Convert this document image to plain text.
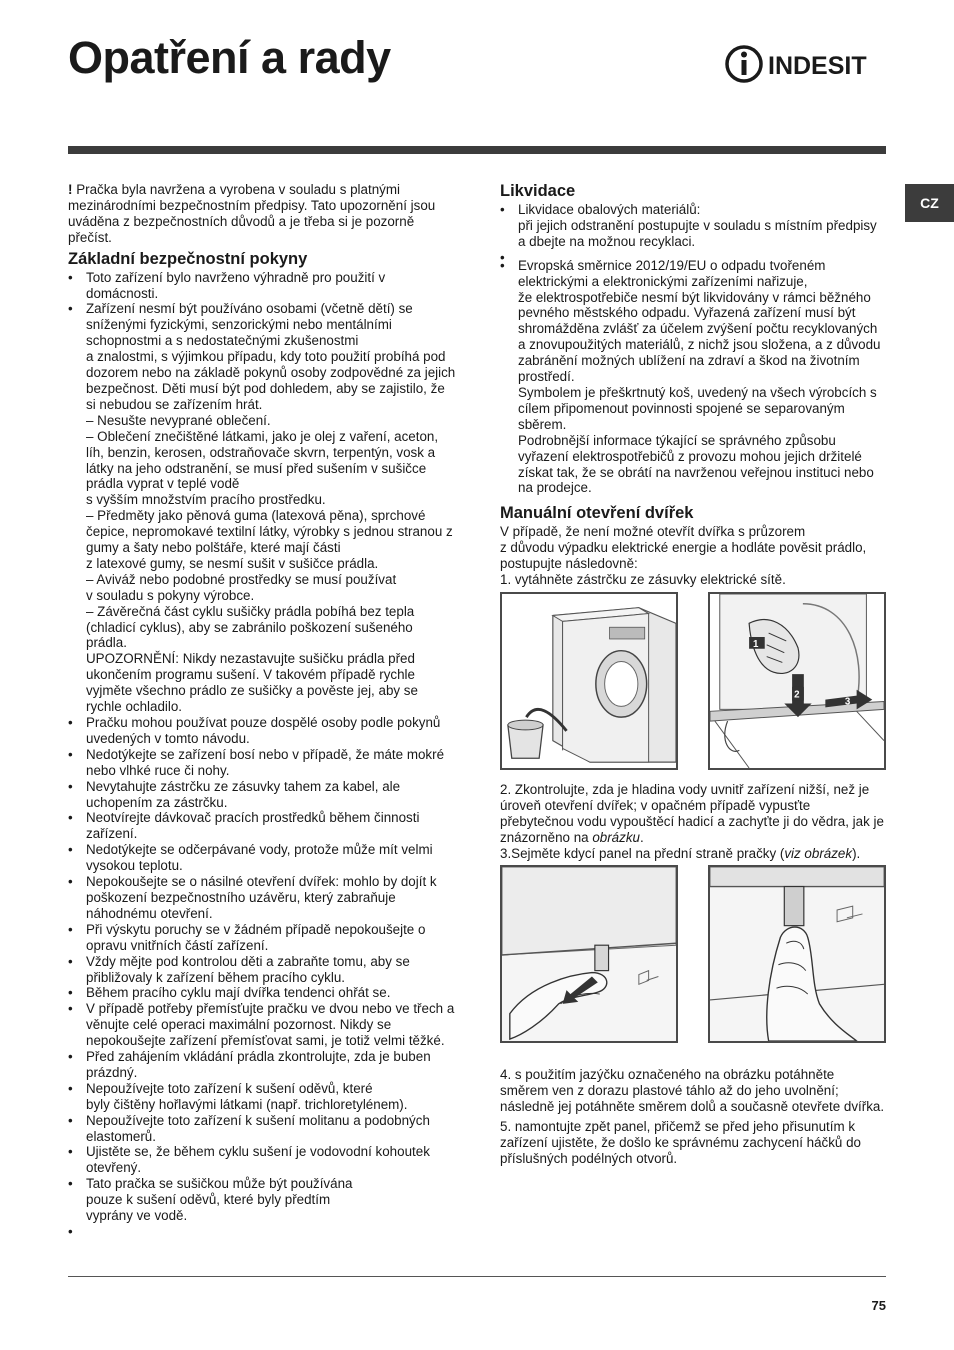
Opatření a rady	INDESIT
CZ

! Pračka byla navržena a vyrobena v souladu s platnými mezinárodními bezpečnostním předpisy. Tato upozornění jsou uváděna z bezpečnostních důvodů a je třeba si je pozorně přečíst.

Základní bezpečnostní pokyny
• Toto zařízení bylo navrženo výhradně pro použití v domácnosti.
• Zařízení nesmí být používáno osobami (včetně dětí) se sníženými fyzickými, senzorickými nebo mentálními schopnostmi a s nedostatečnými zkušenostmi
a znalostmi, s výjimkou případu, kdy toto použití probíhá pod dozorem nebo na základě pokynů osoby zodpovědné za jejich bezpečnost. Děti musí být pod dohledem, aby se zajistilo, že si nebudou se zařízením hrát.
– Nesušte nevyprané oblečení.
– Oblečení znečištěné látkami, jako je olej z vaření, aceton, líh, benzin, kerosen, odstraňovače skvrn, terpentýn, vosk a látky na jeho odstranění, se musí před sušením v sušičce prádla vyprat v teplé vodě
s vyšším množstvím pracího prostředku.
– Předměty jako pěnová guma (latexová pěna), sprchové čepice, nepromokavé textilní látky, výrobky s jednou stranou z gumy a šaty nebo polštáře, které mají části
z latexové gumy, se nesmí sušit v sušičce prádla.
– Aviváž nebo podobné prostředky se musí používat
v souladu s pokyny výrobce.
– Závěrečná část cyklu sušičky prádla pobíhá bez tepla (chladicí cyklus), aby se zabránilo poškození sušeného prádla.
UPOZORNĚNÍ: Nikdy nezastavujte sušičku prádla před ukončením programu sušení. V takovém případě rychle vyjměte všechno prádlo ze sušičky a pověste jej, aby se rychle ochladilo.
• Pračku mohou používat pouze dospělé osoby podle pokynů uvedených v tomto návodu.
• Nedotýkejte se zařízení bosí nebo v případě, že máte mokré nebo vlhké ruce či nohy.
• Nevytahujte zástrčku ze zásuvky tahem za kabel, ale uchopením za zástrčku.
• Neotvírejte dávkovač pracích prostředků během činnosti zařízení.
• Nedotýkejte se odčerpávané vody, protože může mít velmi vysokou teplotu.
• Nepokoušejte se o násilné otevření dvířek: mohlo by dojít k poškození bezpečnostního uzávěru, který zabraňuje náhodnému otevření.
• Při výskytu poruchy se v žádném případě nepokoušejte o opravu vnitřních částí zařízení.
• Vždy mějte pod kontrolou děti a zabraňte tomu, aby se přibližovaly k zařízení během pracího cyklu.
• Během pracího cyklu mají dvířka tendenci ohřát se.
• V případě potřeby přemísťujte pračku ve dvou nebo ve třech a věnujte celé operaci maximální pozornost. Nikdy se nepokoušejte zařízení přemísťovat sami, je totiž velmi těžké.
• Před zahájením vkládání prádla zkontrolujte, zda je buben prázdný.
• Nepoužívejte toto zařízení k sušení oděvů, které
byly čištěny hořlavými látkami (např. trichloretylénem).
• Nepoužívejte toto zařízení k sušení molitanu a podobných elastomerů.
• Ujistěte se, že během cyklu sušení je vodovodní kohoutek otevřený.
• Tato pračka se sušičkou může být používána
pouze k sušení oděvů, které byly předtím
vyprány ve vodě.
Likvidace
• Likvidace obalových materiálů:
při jejich odstranění postupujte v souladu s místním předpisy a dbejte na možnou recyklaci.
•
• Evropská směrnice 2012/19/EU o odpadu tvořeném elektrickými a elektronickými zařízeními nařizuje,
že elektrospotřebiče nesmí být likvidovány v rámci běžného pevného městského odpadu. Vyřazená zařízení musí být shromážděna zvlášť za účelem zvýšení počtu recyklovaných a znovupoužitých materiálů, z nichž jsou složena, a z důvodu zabránění možných ublížení na zdraví a škod na životním prostředí.
Symbolem je přeškrtnutý koš, uvedený na všech výrobcích s cílem připomenout povinnosti spojené se separovaným sběrem.
Podrobnější informace týkající se správného způsobu vyřazení elektrospotřebičů z provozu mohou jejich držitelé získat tak, že se obrátí na navrženou veřejnou instituci nebo na prodejce.
Manuální otevření dvířek

V případě, že není možné otevřít dvířka s průzorem
z důvodu výpadku elektrické energie a hodláte pověsit prádlo, postupujte následovně:

1. vytáhněte zástrčku ze zásuvky elektrické sítě.

1
2
3

2. Zkontrolujte, zda je hladina vody uvnitř zařízení nižší, než je úroveň otevření dvířek; v opačném případě vypusťte přebytečnou vodu vypouštěcí hadicí a zachyťte ji do vědra, jak je znázorněno na obrázku.

3.Sejměte kdycí panel na přední straně pračky (viz obrázek).

4. s použitím jazýčku označeného na obrázku potáhněte směrem ven z dorazu plastové táhlo až do jeho uvolnění; následně jej potáhněte směrem dolů a současně otevřete dvířka.

5. namontujte zpět panel, přičemž se před jeho přisunutím k zařízení ujistěte, že došlo ke správnému zachycení háčků do příslušných podélných otvorů.

75
